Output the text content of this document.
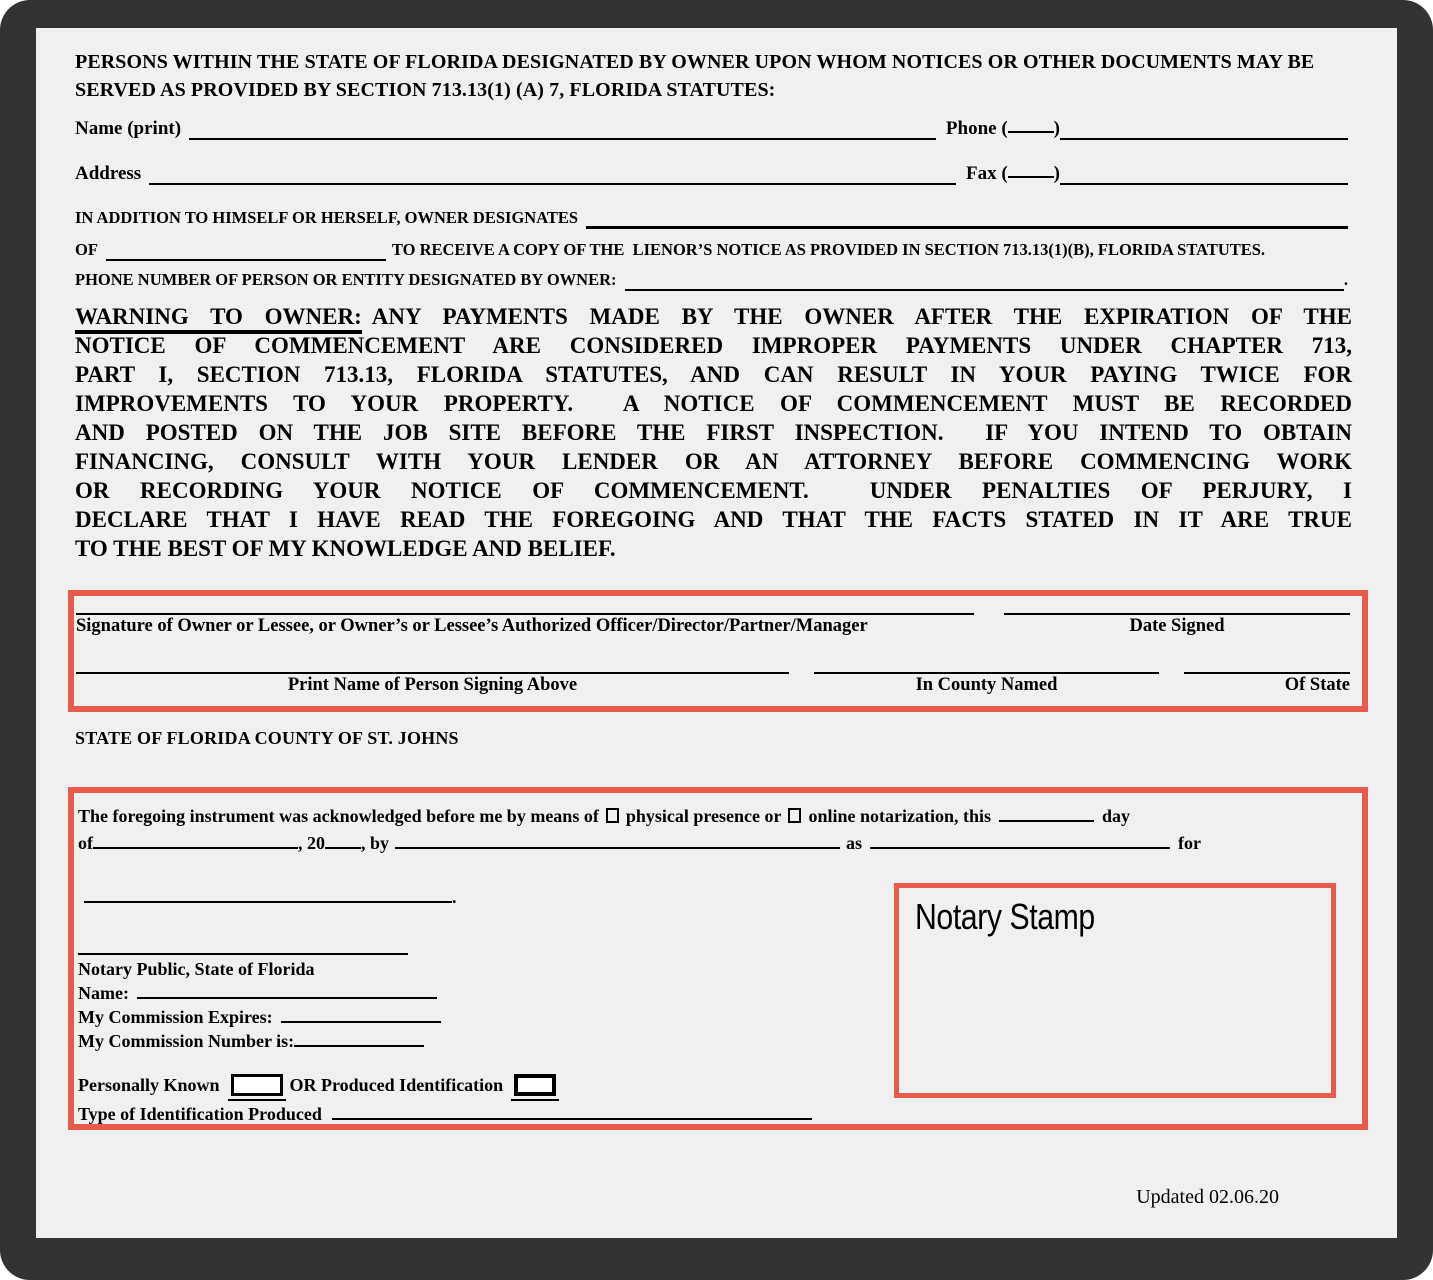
PERSONS WITHIN THE STATE OF FLORIDA DESIGNATED BY OWNER UPON WHOM NOTICES OR OTHER DOCUMENTS MAY BE SERVED AS PROVIDED BY SECTION 713.13(1) (A) 7, FLORIDA STATUTES:
Name (print)	Phone ( )
Address	Fax ( )
IN ADDITION TO HIMSELF OR HERSELF, OWNER DESIGNATES
OF	TO RECEIVE A COPY OF THE  LIENOR’S NOTICE AS PROVIDED IN SECTION 713.13(1)(B), FLORIDA STATUTES.
PHONE NUMBER OF PERSON OR ENTITY DESIGNATED BY OWNER:	.
WARNING TO OWNER: ANY PAYMENTS MADE BY THE OWNER AFTER THE EXPIRATION OF THE
NOTICE OF COMMENCEMENT ARE CONSIDERED IMPROPER PAYMENTS UNDER CHAPTER 713,
PART I, SECTION 713.13, FLORIDA STATUTES, AND CAN RESULT IN YOUR PAYING TWICE FOR
IMPROVEMENTS TO YOUR PROPERTY.  A NOTICE OF COMMENCEMENT MUST BE RECORDED
AND POSTED ON THE JOB SITE BEFORE THE FIRST INSPECTION.  IF YOU INTEND TO OBTAIN
FINANCING, CONSULT WITH YOUR LENDER OR AN ATTORNEY BEFORE COMMENCING WORK
OR RECORDING YOUR NOTICE OF COMMENCEMENT.  UNDER PENALTIES OF PERJURY, I
DECLARE THAT I HAVE READ THE FOREGOING AND THAT THE FACTS STATED IN IT ARE TRUE
TO THE BEST OF MY KNOWLEDGE AND BELIEF.
Signature of Owner or Lessee, or Owner’s or Lessee’s Authorized Officer/Director/Partner/Manager	Date Signed
Print Name of Person Signing Above	In County Named	Of State
STATE OF FLORIDA COUNTY OF ST. JOHNS
The foregoing instrument was acknowledged before me by means of physical presence or online notarization, this	day
of	, 20 , by	as	for
.
Notary Public, State of Florida
Name:
My Commission Expires:
My Commission Number is:
Personally Known	OR Produced Identification
Type of Identification Produced
Notary Stamp
Updated 02.06.20
